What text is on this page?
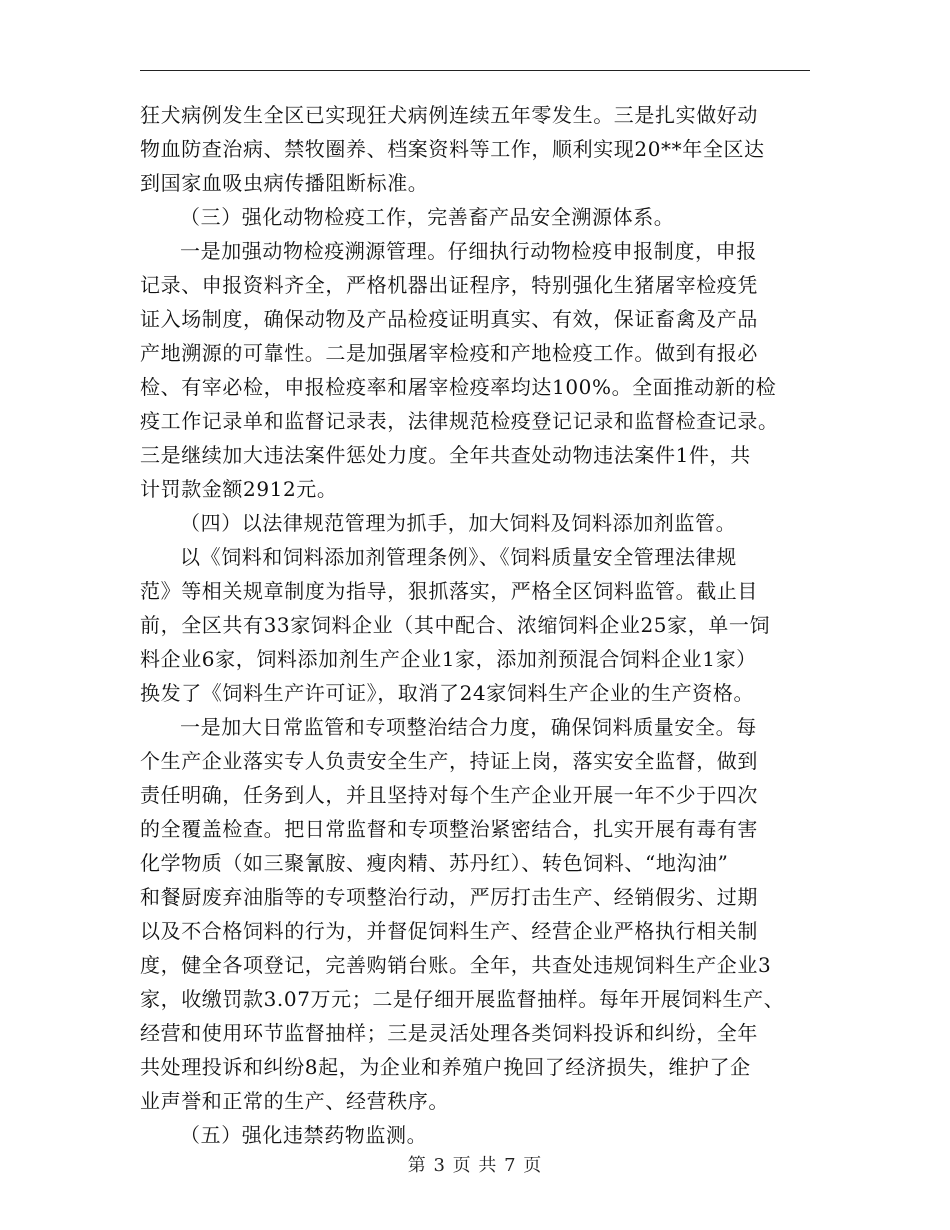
狂犬病例发生全区已实现狂犬病例连续五年零发生。三是扎实做好动
物血防查治病、禁牧圈养、档案资料等工作，顺利实现20**年全区达
到国家血吸虫病传播阻断标准。
（三）强化动物检疫工作，完善畜产品安全溯源体系。
一是加强动物检疫溯源管理。仔细执行动物检疫申报制度，申报
记录、申报资料齐全，严格机器出证程序，特别强化生猪屠宰检疫凭
证入场制度，确保动物及产品检疫证明真实、有效，保证畜禽及产品
产地溯源的可靠性。二是加强屠宰检疫和产地检疫工作。做到有报必
检、有宰必检，申报检疫率和屠宰检疫率均达100%。全面推动新的检
疫工作记录单和监督记录表，法律规范检疫登记记录和监督检查记录。
三是继续加大违法案件惩处力度。全年共查处动物违法案件1件，共
计罚款金额2912元。
（四）以法律规范管理为抓手，加大饲料及饲料添加剂监管。
以《饲料和饲料添加剂管理条例》、《饲料质量安全管理法律规
范》等相关规章制度为指导，狠抓落实，严格全区饲料监管。截止目
前，全区共有33家饲料企业（其中配合、浓缩饲料企业25家，单一饲
料企业6家，饲料添加剂生产企业1家，添加剂预混合饲料企业1家）
换发了《饲料生产许可证》，取消了24家饲料生产企业的生产资格。
一是加大日常监管和专项整治结合力度，确保饲料质量安全。每
个生产企业落实专人负责安全生产，持证上岗，落实安全监督，做到
责任明确，任务到人，并且坚持对每个生产企业开展一年不少于四次
的全覆盖检查。把日常监督和专项整治紧密结合，扎实开展有毒有害
化学物质（如三聚氰胺、瘦肉精、苏丹红）、转色饲料、“地沟油”
和餐厨废弃油脂等的专项整治行动，严厉打击生产、经销假劣、过期
以及不合格饲料的行为，并督促饲料生产、经营企业严格执行相关制
度，健全各项登记，完善购销台账。全年，共查处违规饲料生产企业3
家，收缴罚款3.07万元；二是仔细开展监督抽样。每年开展饲料生产、
经营和使用环节监督抽样；三是灵活处理各类饲料投诉和纠纷，全年
共处理投诉和纠纷8起，为企业和养殖户挽回了经济损失，维护了企
业声誉和正常的生产、经营秩序。
（五）强化违禁药物监测。
第 3 页 共 7 页
